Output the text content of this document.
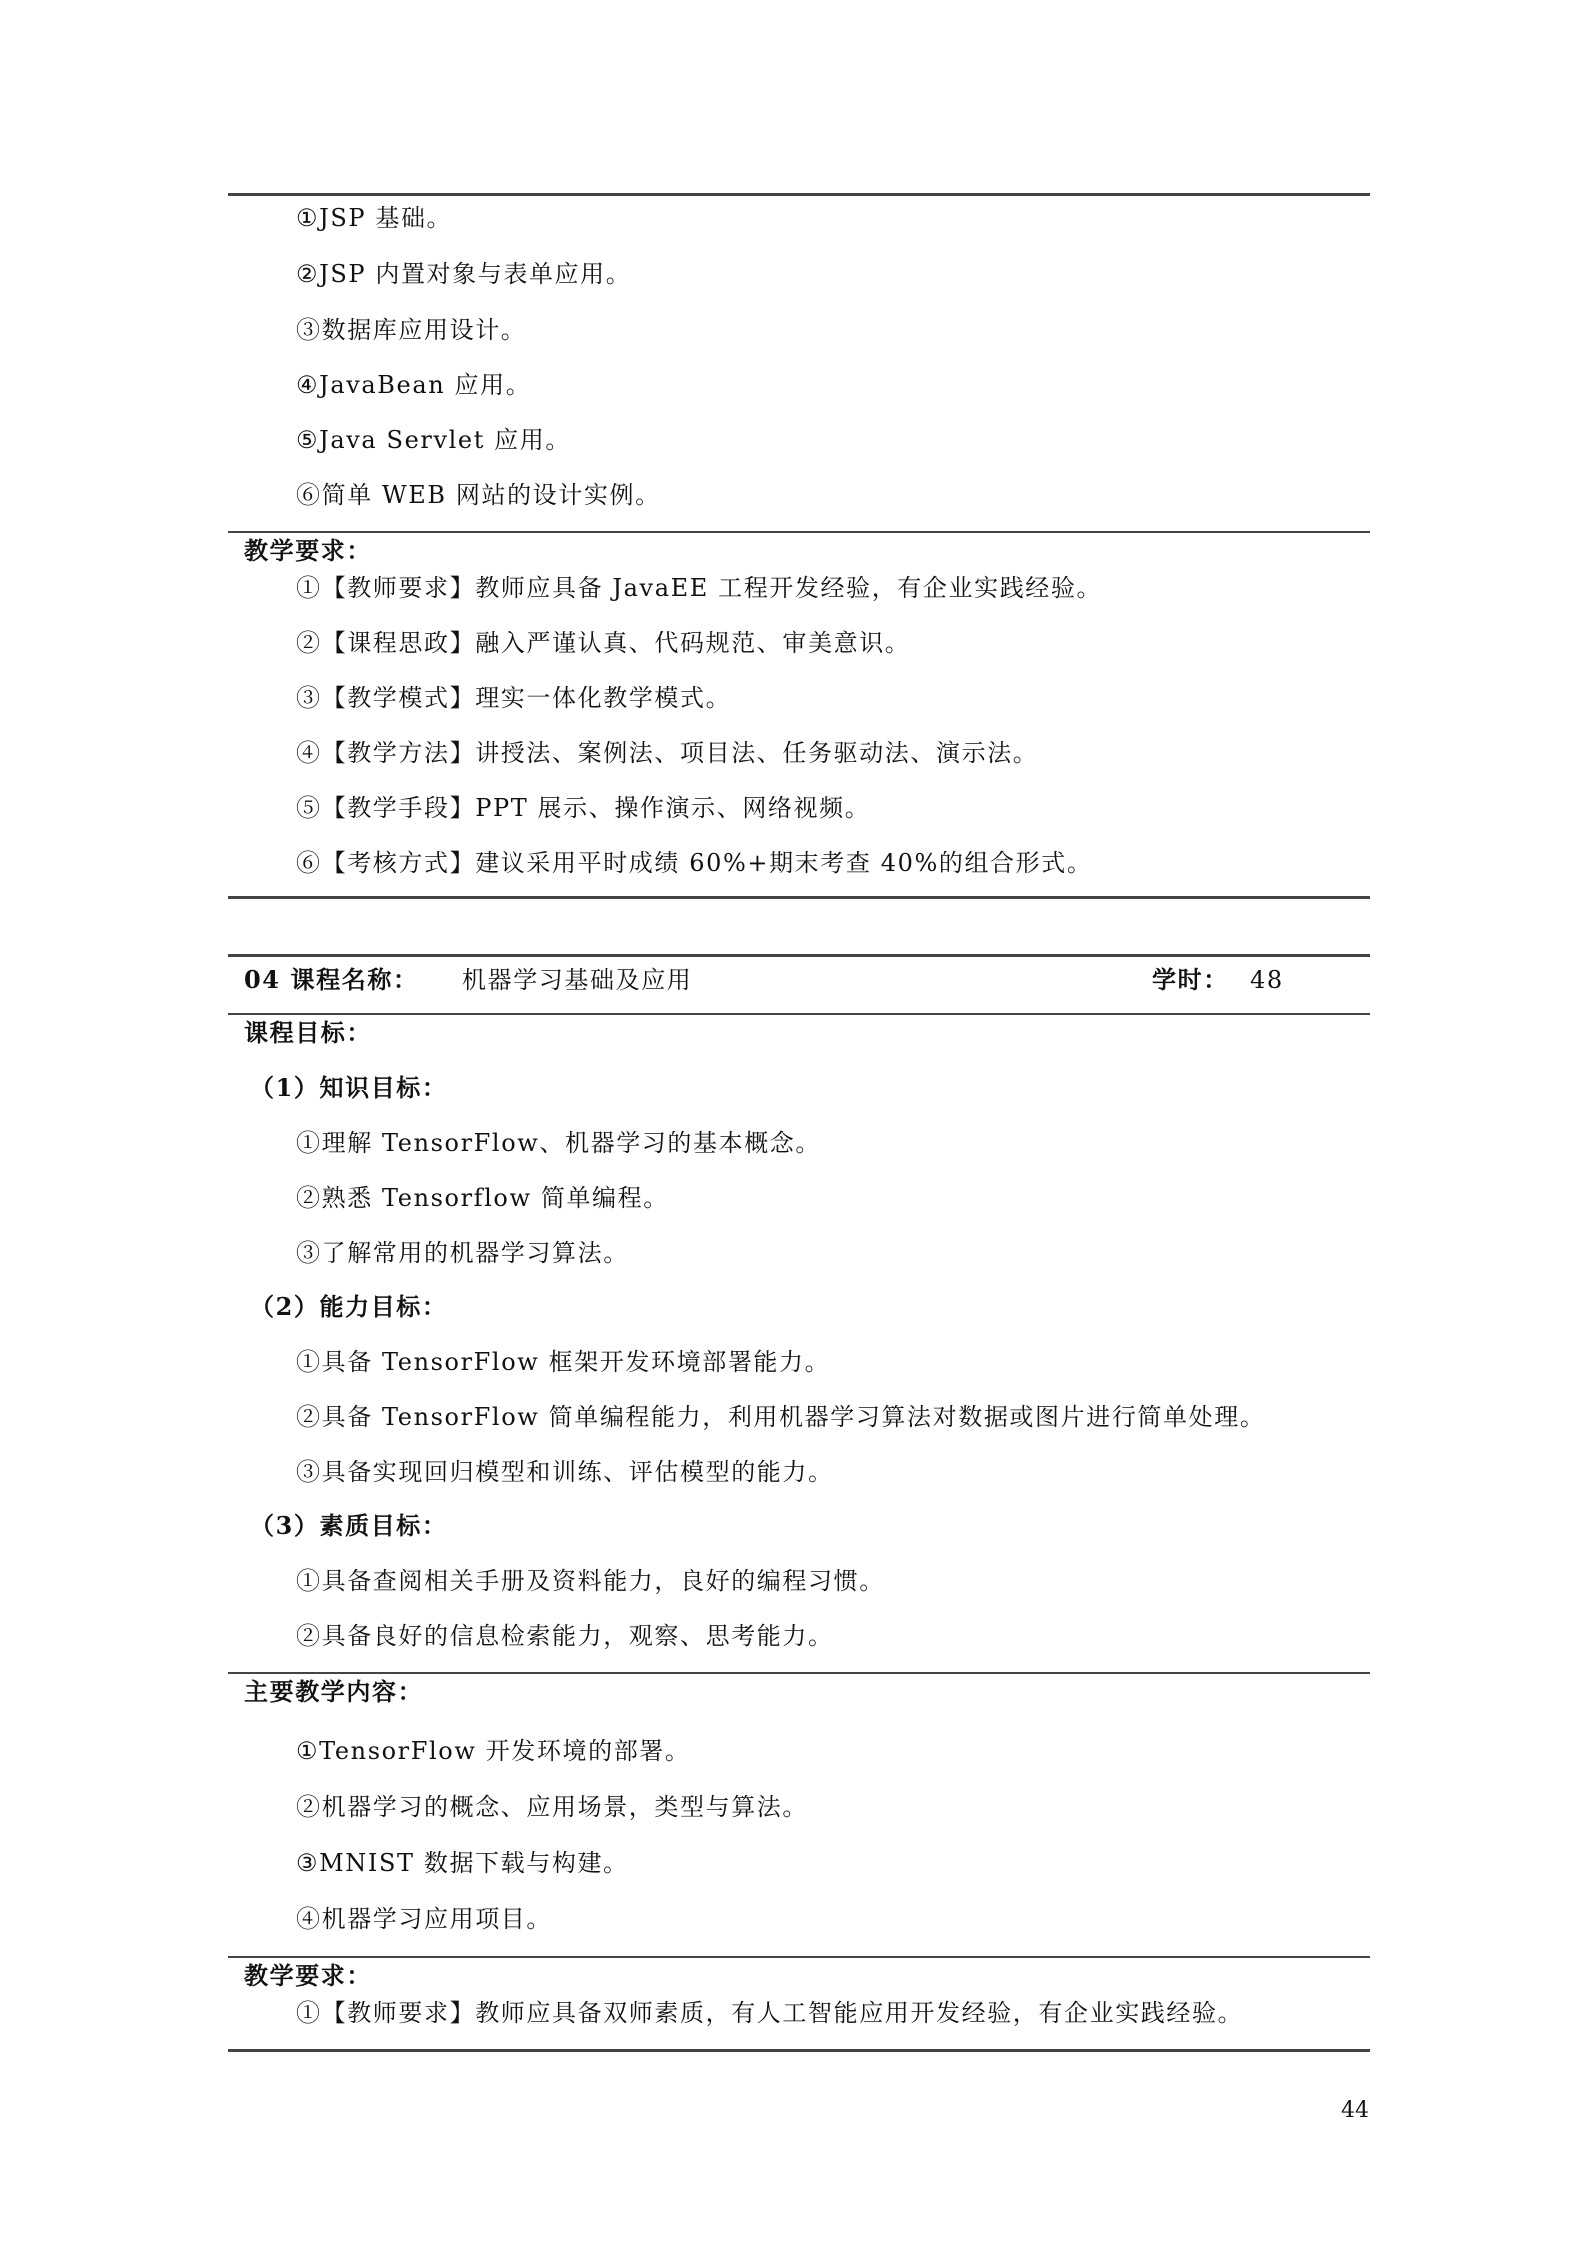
①JSP 基础。
②JSP 内置对象与表单应用。
③数据库应用设计。
④JavaBean 应用。
⑤Java Servlet 应用。
⑥简单 WEB 网站的设计实例。
教学要求：
①【教师要求】教师应具备 JavaEE 工程开发经验，有企业实践经验。
②【课程思政】融入严谨认真、代码规范、审美意识。
③【教学模式】理实一体化教学模式。
④【教学方法】讲授法、案例法、项目法、任务驱动法、演示法。
⑤【教学手段】PPT 展示、操作演示、网络视频。
⑥【考核方式】建议采用平时成绩 60%+期末考查 40%的组合形式。
04 课程名称： 机器学习基础及应用	学时： 48
课程目标：
（1）知识目标：
①理解 TensorFlow、机器学习的基本概念。
②熟悉 Tensorflow 简单编程。
③了解常用的机器学习算法。
（2）能力目标：
①具备 TensorFlow 框架开发环境部署能力。
②具备 TensorFlow 简单编程能力，利用机器学习算法对数据或图片进行简单处理。
③具备实现回归模型和训练、评估模型的能力。
（3）素质目标：
①具备查阅相关手册及资料能力，良好的编程习惯。
②具备良好的信息检索能力，观察、思考能力。
主要教学内容：
①TensorFlow 开发环境的部署。
②机器学习的概念、应用场景，类型与算法。
③MNIST 数据下载与构建。
④机器学习应用项目。
教学要求：
①【教师要求】教师应具备双师素质，有人工智能应用开发经验，有企业实践经验。
44
